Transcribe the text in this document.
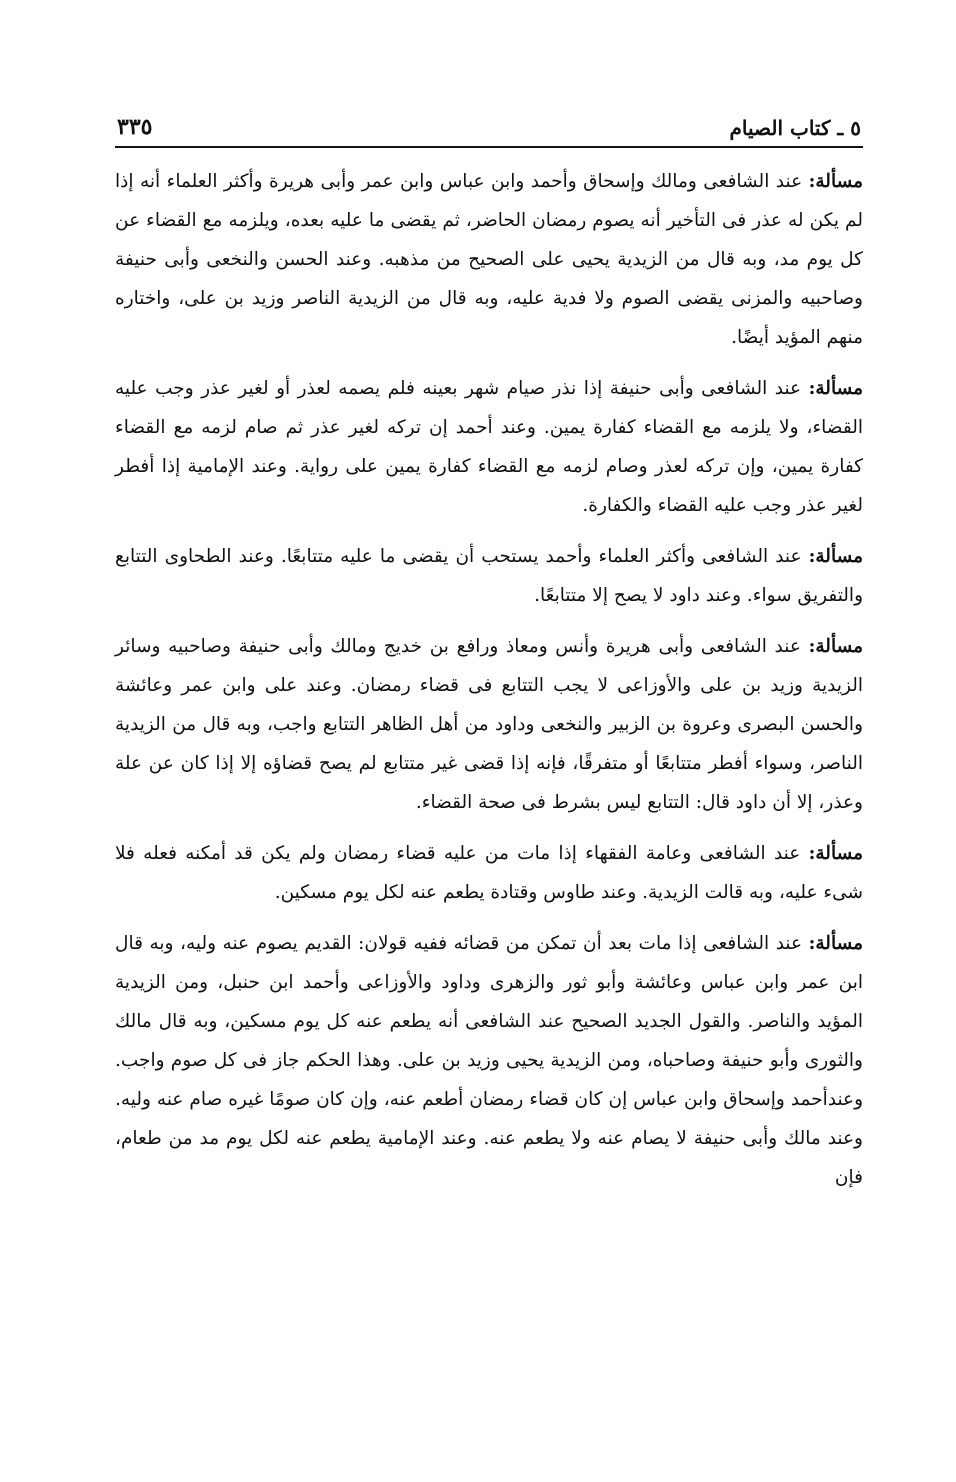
٥ ـ كتاب الصيام
٣٣٥

مسألة: عند الشافعى ومالك وإسحاق وأحمد وابن عباس وابن عمر وأبى هريرة وأكثر العلماء أنه إذا لم يكن له عذر فى التأخير أنه يصوم رمضان الحاضر، ثم يقضى ما عليه بعده، ويلزمه مع القضاء عن كل يوم مد، وبه قال من الزيدية يحيى على الصحيح من مذهبه. وعند الحسن والنخعى وأبى حنيفة وصاحبيه والمزنى يقضى الصوم ولا فدية عليه، وبه قال من الزيدية الناصر وزيد بن على، واختاره منهم المؤيد أيضًا.

مسألة: عند الشافعى وأبى حنيفة إذا نذر صيام شهر بعينه فلم يصمه لعذر أو لغير عذر وجب عليه القضاء، ولا يلزمه مع القضاء كفارة يمين. وعند أحمد إن تركه لغير عذر ثم صام لزمه مع القضاء كفارة يمين، وإن تركه لعذر وصام لزمه مع القضاء كفارة يمين على رواية. وعند الإمامية إذا أفطر لغير عذر وجب عليه القضاء والكفارة.

مسألة: عند الشافعى وأكثر العلماء وأحمد يستحب أن يقضى ما عليه متتابعًا. وعند الطحاوى التتابع والتفريق سواء. وعند داود لا يصح إلا متتابعًا.

مسألة: عند الشافعى وأبى هريرة وأنس ومعاذ ورافع بن خديج ومالك وأبى حنيفة وصاحبيه وسائر الزيدية وزيد بن على والأوزاعى لا يجب التتابع فى قضاء رمضان. وعند على وابن عمر وعائشة والحسن البصرى وعروة بن الزبير والنخعى وداود من أهل الظاهر التتابع واجب، وبه قال من الزيدية الناصر، وسواء أفطر متتابعًا أو متفرقًا، فإنه إذا قضى غير متتابع لم يصح قضاؤه إلا إذا كان عن علة وعذر، إلا أن داود قال: التتابع ليس بشرط فى صحة القضاء.

مسألة: عند الشافعى وعامة الفقهاء إذا مات من عليه قضاء رمضان ولم يكن قد أمكنه فعله فلا شىء عليه، وبه قالت الزيدية. وعند طاوس وقتادة يطعم عنه لكل يوم مسكين.

مسألة: عند الشافعى إذا مات بعد أن تمكن من قضائه ففيه قولان: القديم يصوم عنه وليه، وبه قال ابن عمر وابن عباس وعائشة وأبو ثور والزهرى وداود والأوزاعى وأحمد ابن حنبل، ومن الزيدية المؤيد والناصر. والقول الجديد الصحيح عند الشافعى أنه يطعم عنه كل يوم مسكين، وبه قال مالك والثورى وأبو حنيفة وصاحباه، ومن الزيدية يحيى وزيد بن على. وهذا الحكم جاز فى كل صوم واجب. وعندأحمد وإسحاق وابن عباس إن كان قضاء رمضان أطعم عنه، وإن كان صومًا غيره صام عنه وليه. وعند مالك وأبى حنيفة لا يصام عنه ولا يطعم عنه. وعند الإمامية يطعم عنه لكل يوم مد من طعام، فإن
